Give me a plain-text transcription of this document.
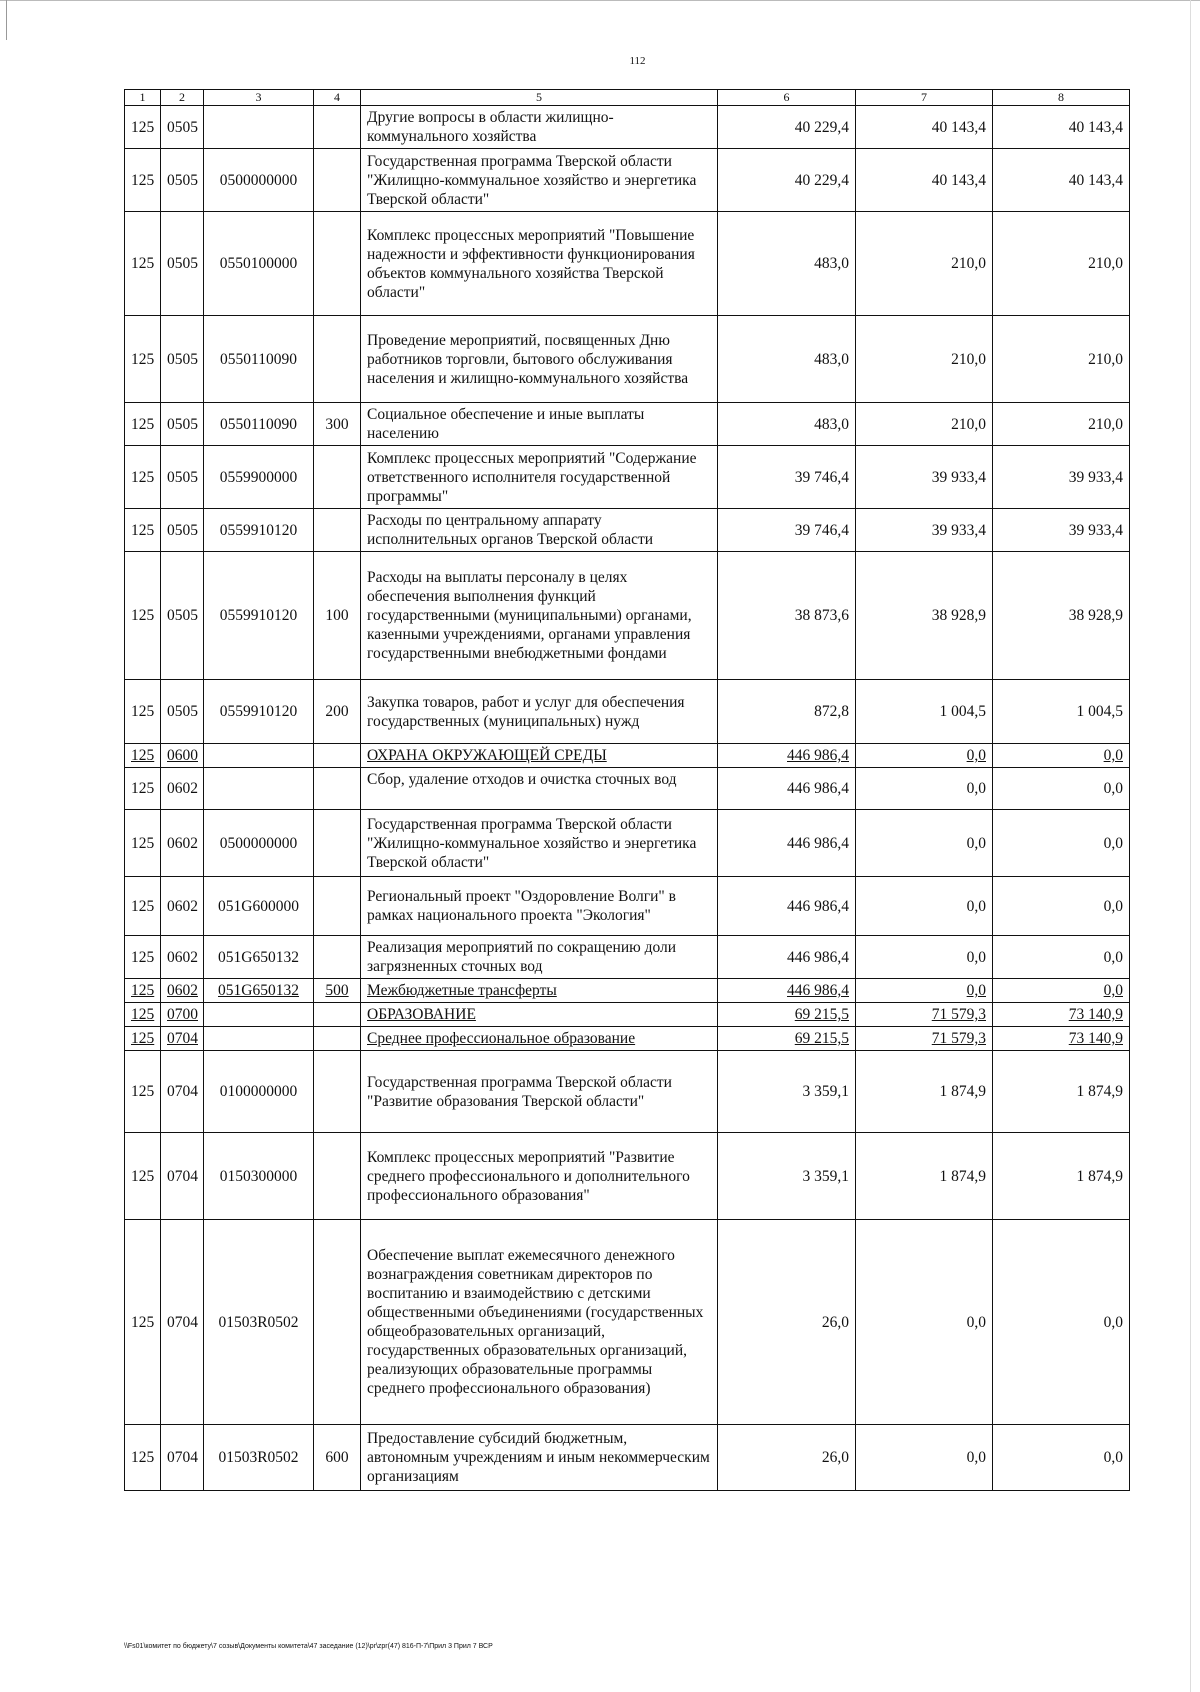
112
1	2	3	4	5	6	7	8
125	0505			Другие вопросы в области жилищно-коммунального хозяйства	40 229,4	40 143,4	40 143,4
125	0505	0500000000		Государственная программа Тверской области "Жилищно-коммунальное хозяйство и энергетика Тверской области"	40 229,4	40 143,4	40 143,4
125	0505	0550100000		Комплекс процессных мероприятий "Повышение надежности и эффективности функционирования объектов коммунального хозяйства Тверской области"	483,0	210,0	210,0
125	0505	0550110090		Проведение мероприятий, посвященных Дню работников торговли, бытового обслуживания населения и жилищно-коммунального хозяйства	483,0	210,0	210,0
125	0505	0550110090	300	Социальное обеспечение и иные выплаты населению	483,0	210,0	210,0
125	0505	0559900000		Комплекс процессных мероприятий "Содержание ответственного исполнителя государственной программы"	39 746,4	39 933,4	39 933,4
125	0505	0559910120		Расходы по центральному аппарату исполнительных органов Тверской области	39 746,4	39 933,4	39 933,4
125	0505	0559910120	100	Расходы на выплаты персоналу в целях обеспечения выполнения функций государственными (муниципальными) органами, казенными учреждениями, органами управления государственными внебюджетными фондами	38 873,6	38 928,9	38 928,9
125	0505	0559910120	200	Закупка товаров, работ и услуг для обеспечения государственных (муниципальных) нужд	872,8	1 004,5	1 004,5
125	0600			ОХРАНА ОКРУЖАЮЩЕЙ СРЕДЫ	446 986,4	0,0	0,0
125	0602			Сбор, удаление отходов и очистка сточных вод	446 986,4	0,0	0,0
125	0602	0500000000		Государственная программа Тверской области "Жилищно-коммунальное хозяйство и энергетика Тверской области"	446 986,4	0,0	0,0
125	0602	051G600000		Региональный проект "Оздоровление Волги" в рамках национального проекта "Экология"	446 986,4	0,0	0,0
125	0602	051G650132		Реализация мероприятий по сокращению доли загрязненных сточных вод	446 986,4	0,0	0,0
125	0602	051G650132	500	Межбюджетные трансферты	446 986,4	0,0	0,0
125	0700			ОБРАЗОВАНИЕ	69 215,5	71 579,3	73 140,9
125	0704			Среднее профессиональное образование	69 215,5	71 579,3	73 140,9
125	0704	0100000000		Государственная программа Тверской области "Развитие образования Тверской области"	3 359,1	1 874,9	1 874,9
125	0704	0150300000		Комплекс процессных мероприятий "Развитие среднего профессионального и дополнительного профессионального образования"	3 359,1	1 874,9	1 874,9
125	0704	01503R0502		Обеспечение выплат ежемесячного денежного вознаграждения советникам директоров по воспитанию и взаимодействию с детскими общественными объединениями (государственных общеобразовательных организаций, государственных образовательных организаций, реализующих образовательные программы среднего профессионального образования)	26,0	0,0	0,0
125	0704	01503R0502	600	Предоставление субсидий бюджетным, автономным учреждениям и иным некоммерческим организациям	26,0	0,0	0,0
\\Fs01\комитет по бюджету\7 созыв\Документы комитета\47 заседание (12)\pr\zpr(47) 816-П-7\Прил 3 Прил 7 ВСР
